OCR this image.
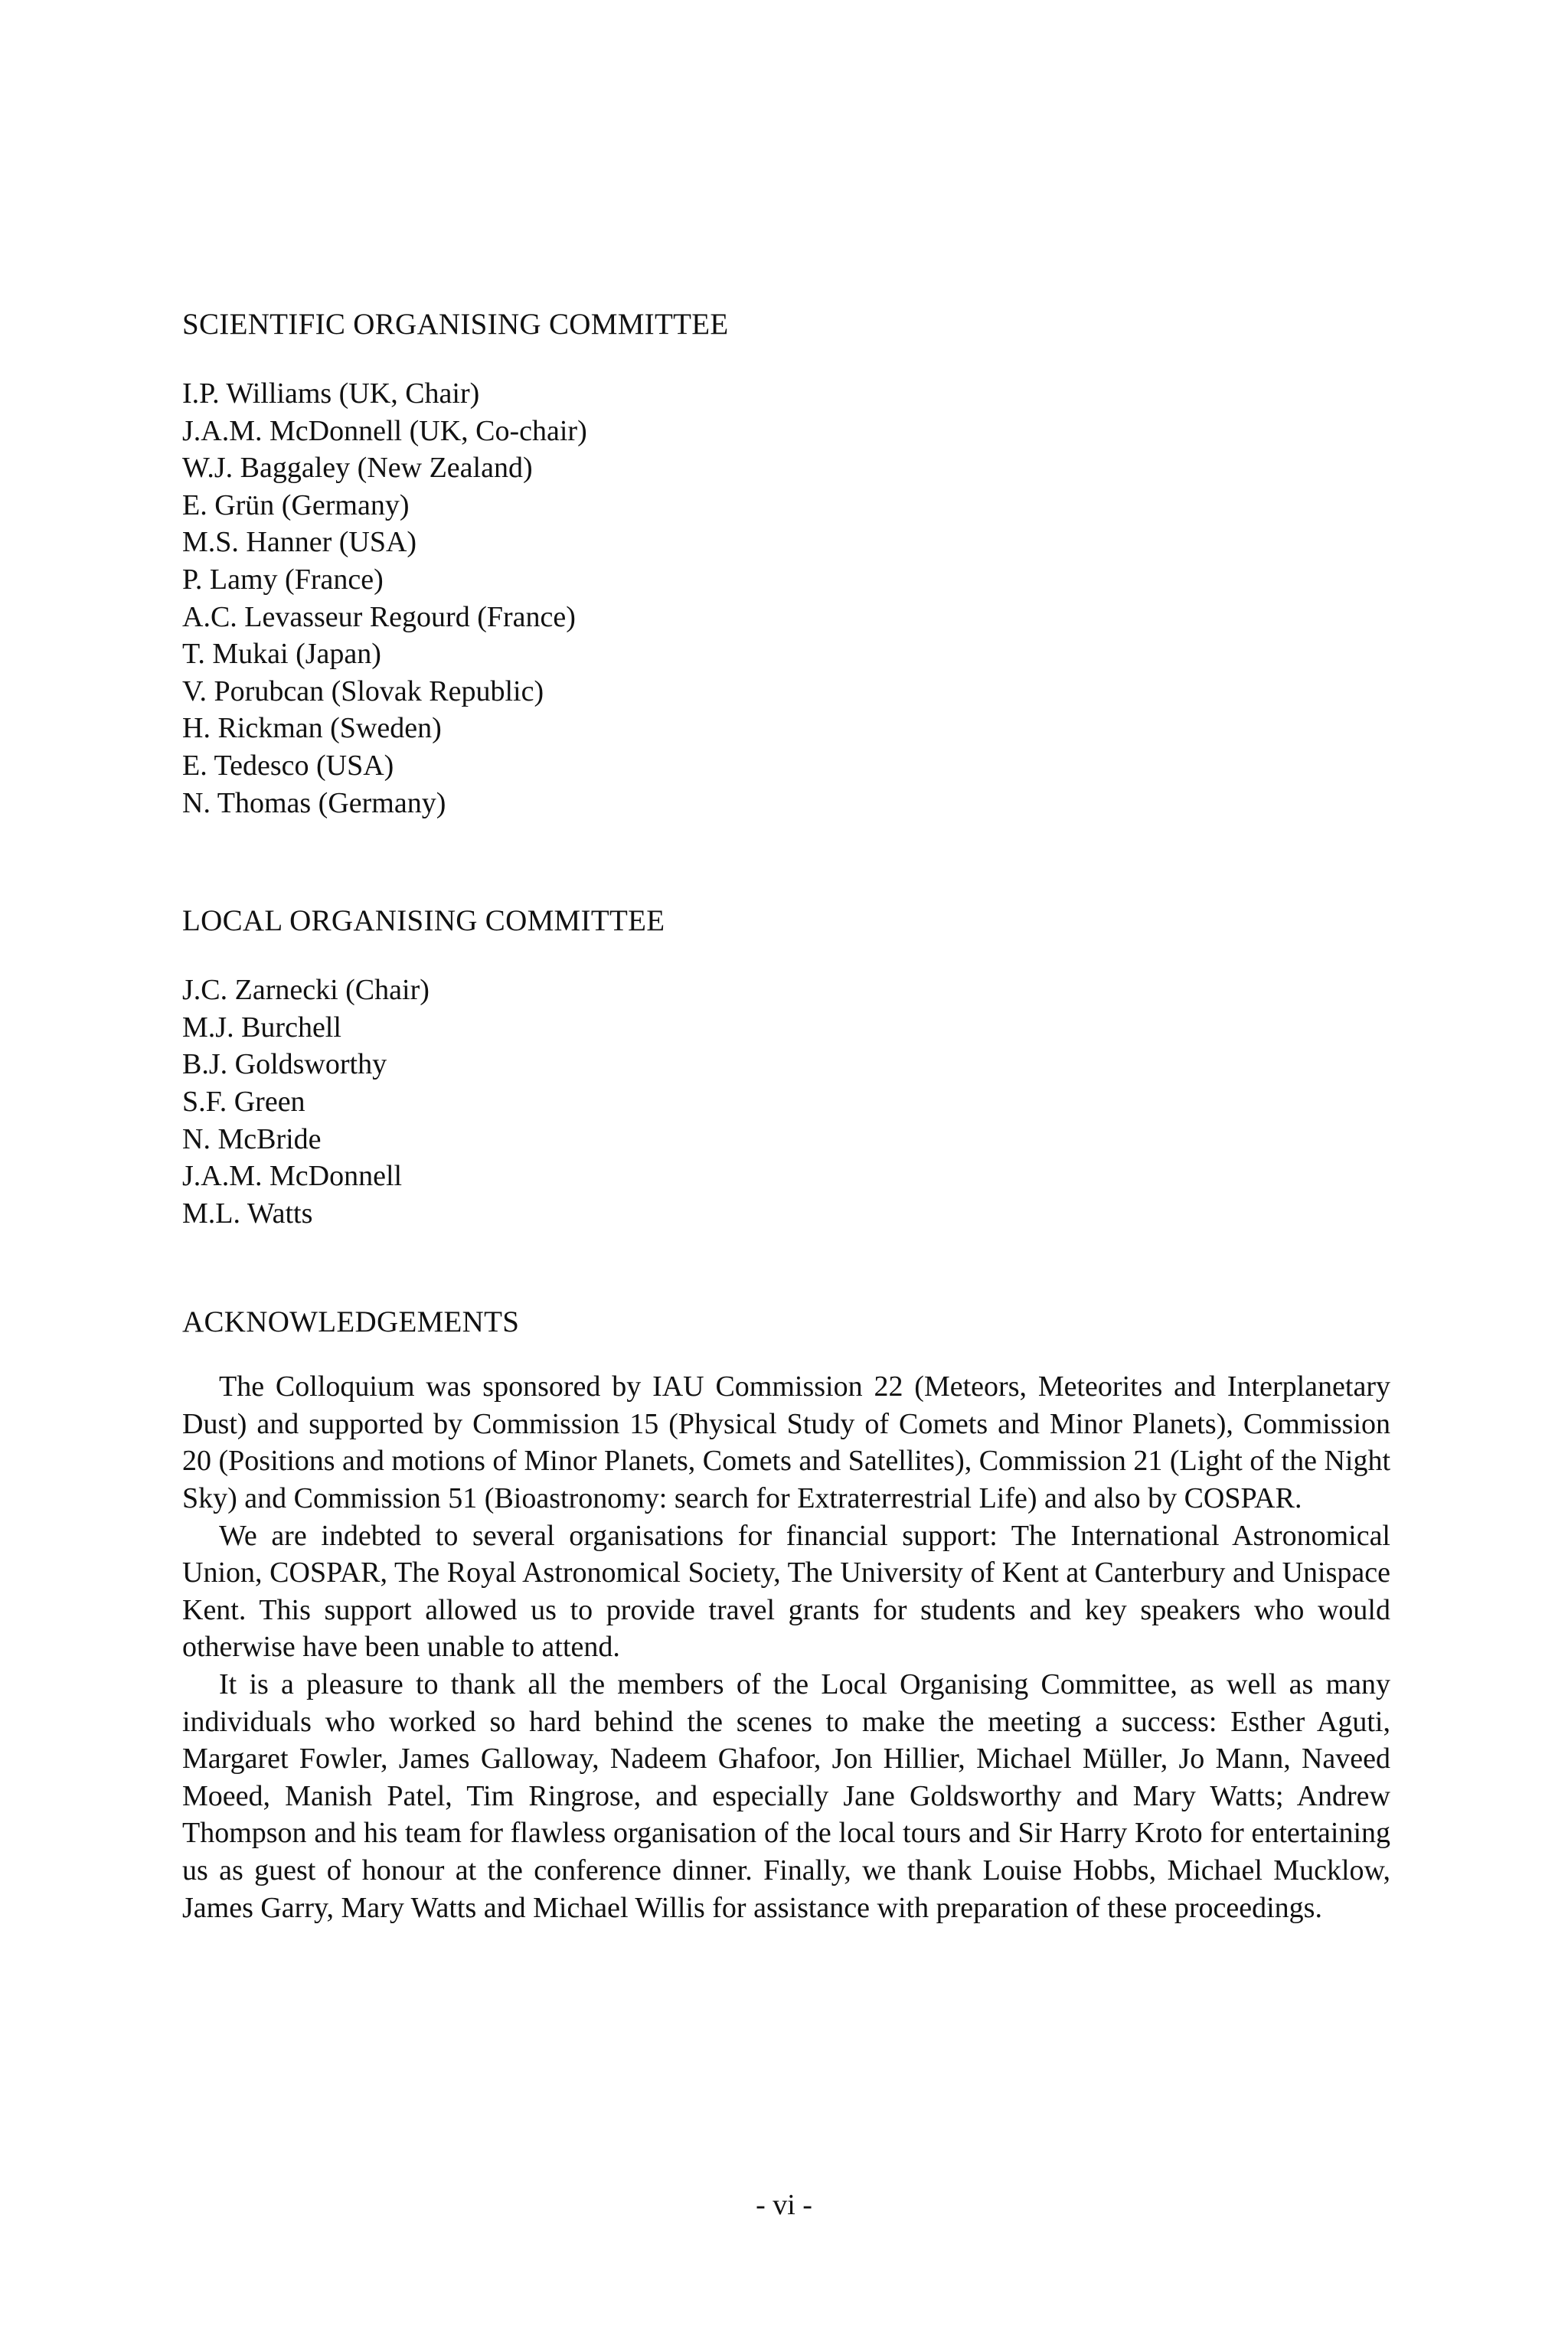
SCIENTIFIC ORGANISING COMMITTEE
I.P. Williams (UK, Chair)
J.A.M. McDonnell (UK, Co-chair)
W.J. Baggaley (New Zealand)
E. Grün (Germany)
M.S. Hanner (USA)
P. Lamy (France)
A.C. Levasseur Regourd (France)
T. Mukai (Japan)
V. Porubcan (Slovak Republic)
H. Rickman (Sweden)
E. Tedesco (USA)
N. Thomas (Germany)
LOCAL ORGANISING COMMITTEE
J.C. Zarnecki (Chair)
M.J. Burchell
B.J. Goldsworthy
S.F. Green
N. McBride
J.A.M. McDonnell
M.L. Watts
ACKNOWLEDGEMENTS

The Colloquium was sponsored by IAU Commission 22 (Meteors, Meteorites and Interplanetary Dust) and supported by Commission 15 (Physical Study of Comets and Minor Planets), Commission 20 (Positions and motions of Minor Planets, Comets and Satellites), Commission 21 (Light of the Night Sky) and Commission 51 (Bioastronomy: search for Extraterrestrial Life) and also by COSPAR.

We are indebted to several organisations for financial support: The International Astronomical Union, COSPAR, The Royal Astronomical Society, The University of Kent at Canterbury and Unispace Kent. This support allowed us to provide travel grants for students and key speakers who would otherwise have been unable to attend.

It is a pleasure to thank all the members of the Local Organising Committee, as well as many individuals who worked so hard behind the scenes to make the meeting a success: Esther Aguti, Margaret Fowler, James Galloway, Nadeem Ghafoor, Jon Hillier, Michael Müller, Jo Mann, Naveed Moeed, Manish Patel, Tim Ringrose, and especially Jane Goldsworthy and Mary Watts; Andrew Thompson and his team for flawless organisation of the local tours and Sir Harry Kroto for entertaining us as guest of honour at the conference dinner. Finally, we thank Louise Hobbs, Michael Mucklow, James Garry, Mary Watts and Michael Willis for assistance with preparation of these proceedings.

- vi -
